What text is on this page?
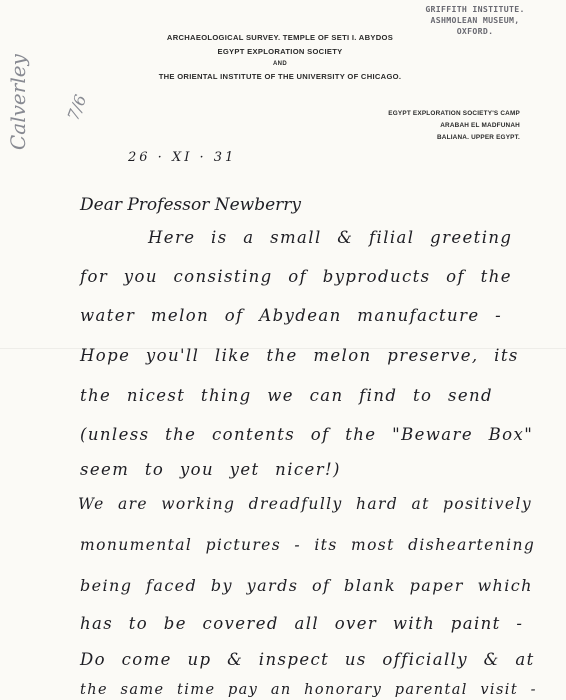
ARCHAEOLOGICAL SURVEY. TEMPLE OF SETI I. ABYDOS
EGYPT EXPLORATION SOCIETY
AND
THE ORIENTAL INSTITUTE OF THE UNIVERSITY OF CHICAGO.
GRIFFITH INSTITUTE.
ASHMOLEAN MUSEUM,
OXFORD.
EGYPT EXPLORATION SOCIETY'S CAMP
ARABAH EL MADFUNAH
BALIANA. UPPER EGYPT.
Calverley 7/6
26 · XI · 31
Dear Professor Newberry
Here is a small & filial greeting
for you consisting of byproducts of the
water melon of Abydean manufacture -
Hope you'll like the melon preserve, its
the nicest thing we can find to send
(unless the contents of the "Beware Box"
seem to you yet nicer!)
We are working dreadfully hard at positively
monumental pictures - its most disheartening
being faced by yards of blank paper which
has to be covered all over with paint -
Do come up & inspect us officially & at
the same time pay an honorary parental visit -
